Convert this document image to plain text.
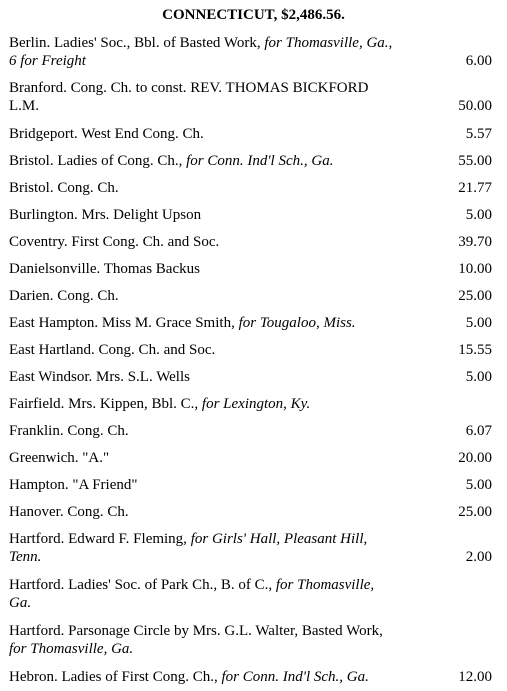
CONNECTICUT, $2,486.56.
Berlin. Ladies' Soc., Bbl. of Basted Work, for Thomasville, Ga., 6 for Freight	6.00
Branford. Cong. Ch. to const. REV. THOMAS BICKFORD L.M.	50.00
Bridgeport. West End Cong. Ch.	5.57
Bristol. Ladies of Cong. Ch., for Conn. Ind'l Sch., Ga.	55.00
Bristol. Cong. Ch.	21.77
Burlington. Mrs. Delight Upson	5.00
Coventry. First Cong. Ch. and Soc.	39.70
Danielsonville. Thomas Backus	10.00
Darien. Cong. Ch.	25.00
East Hampton. Miss M. Grace Smith, for Tougaloo, Miss.	5.00
East Hartland. Cong. Ch. and Soc.	15.55
East Windsor. Mrs. S.L. Wells	5.00
Fairfield. Mrs. Kippen, Bbl. C., for Lexington, Ky.
Franklin. Cong. Ch.	6.07
Greenwich. "A."	20.00
Hampton. "A Friend"	5.00
Hanover. Cong. Ch.	25.00
Hartford. Edward F. Fleming, for Girls' Hall, Pleasant Hill, Tenn.	2.00
Hartford. Ladies' Soc. of Park Ch., B. of C., for Thomasville, Ga.
Hartford. Parsonage Circle by Mrs. G.L. Walter, Basted Work, for Thomasville, Ga.
Hebron. Ladies of First Cong. Ch., for Conn. Ind'l Sch., Ga.	12.00
